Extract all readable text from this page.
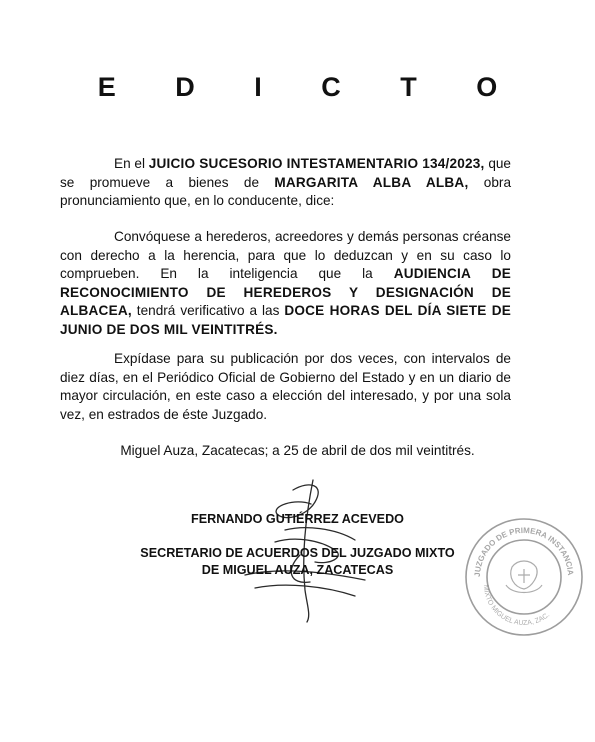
E D I C T O
En el JUICIO SUCESORIO INTESTAMENTARIO 134/2023, que se promueve a bienes de MARGARITA ALBA ALBA, obra pronunciamiento que, en lo conducente, dice:
Convóquese a herederos, acreedores y demás personas créanse con derecho a la herencia, para que lo deduzcan y en su caso lo comprueben. En la inteligencia que la AUDIENCIA DE RECONOCIMIENTO DE HEREDEROS Y DESIGNACIÓN DE ALBACEA, tendrá verificativo a las DOCE HORAS DEL DÍA SIETE DE JUNIO DE DOS MIL VEINTITRÉS.
Expídase para su publicación por dos veces, con intervalos de diez días, en el Periódico Oficial de Gobierno del Estado y en un diario de mayor circulación, en este caso a elección del interesado, y por una sola vez, en estrados de éste Juzgado.
Miguel Auza, Zacatecas; a 25 de abril de dos mil veintitrés.
FERNANDO GUTIÉRREZ ACEVEDO
SECRETARIO DE ACUERDOS DEL JUZGADO MIXTO
DE MIGUEL AUZA, ZACATECAS	JUZGADO DE PRIMERA INSTANCIA
MIXTO MIGUEL AUZA, ZAC.
